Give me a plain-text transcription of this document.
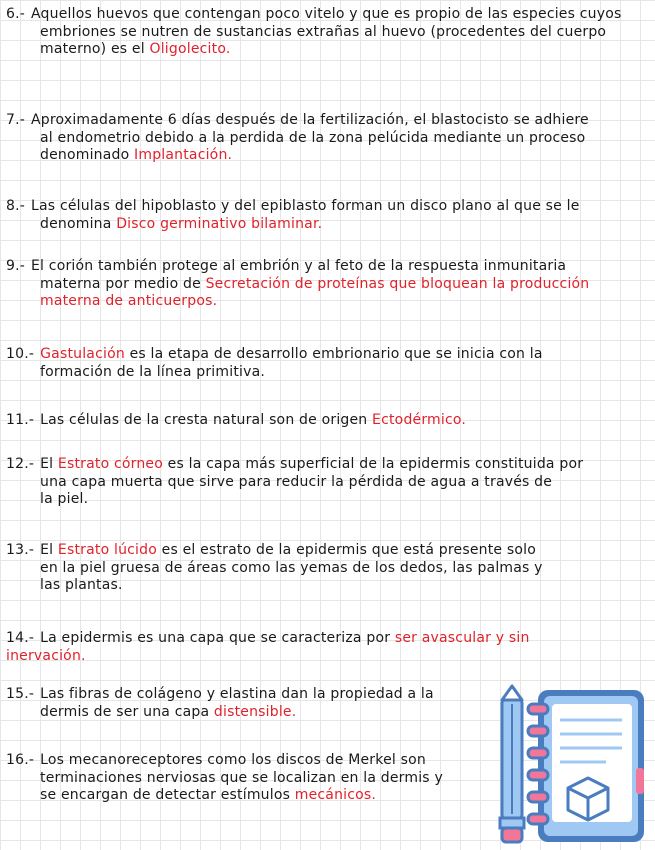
6.- Aquellos huevos que contengan poco vitelo y que es propio de las especies cuyos
embriones se nutren de sustancias extrañas al huevo (procedentes del cuerpo
materno) es el Oligolecito.
7.- Aproximadamente 6 días después de la fertilización, el blastocisto se adhiere
al endometrio debido a la perdida de la zona pelúcida mediante un proceso
denominado Implantación.
8.- Las células del hipoblasto y del epiblasto forman un disco plano al que se le
denomina Disco germinativo bilaminar.
9.- El corión también protege al embrión y al feto de la respuesta inmunitaria
materna por medio de Secretación de proteínas que bloquean la producción
materna de anticuerpos.
10.- Gastulación es la etapa de desarrollo embrionario que se inicia con la
formación de la línea primitiva.
11.- Las células de la cresta natural son de origen Ectodérmico.
12.- El Estrato córneo es la capa más superficial de la epidermis constituida por
una capa muerta que sirve para reducir la pérdida de agua a través de
la piel.
13.- El Estrato lúcido es el estrato de la epidermis que está presente solo
en la piel gruesa de áreas como las yemas de los dedos, las palmas y
las plantas.
14.- La epidermis es una capa que se caracteriza por ser avascular y sin
inervación.
15.- Las fibras de colágeno y elastina dan la propiedad a la
dermis de ser una capa distensible.
16.- Los mecanoreceptores como los discos de Merkel son
terminaciones nerviosas que se localizan en la dermis y
se encargan de detectar estímulos mecánicos.
